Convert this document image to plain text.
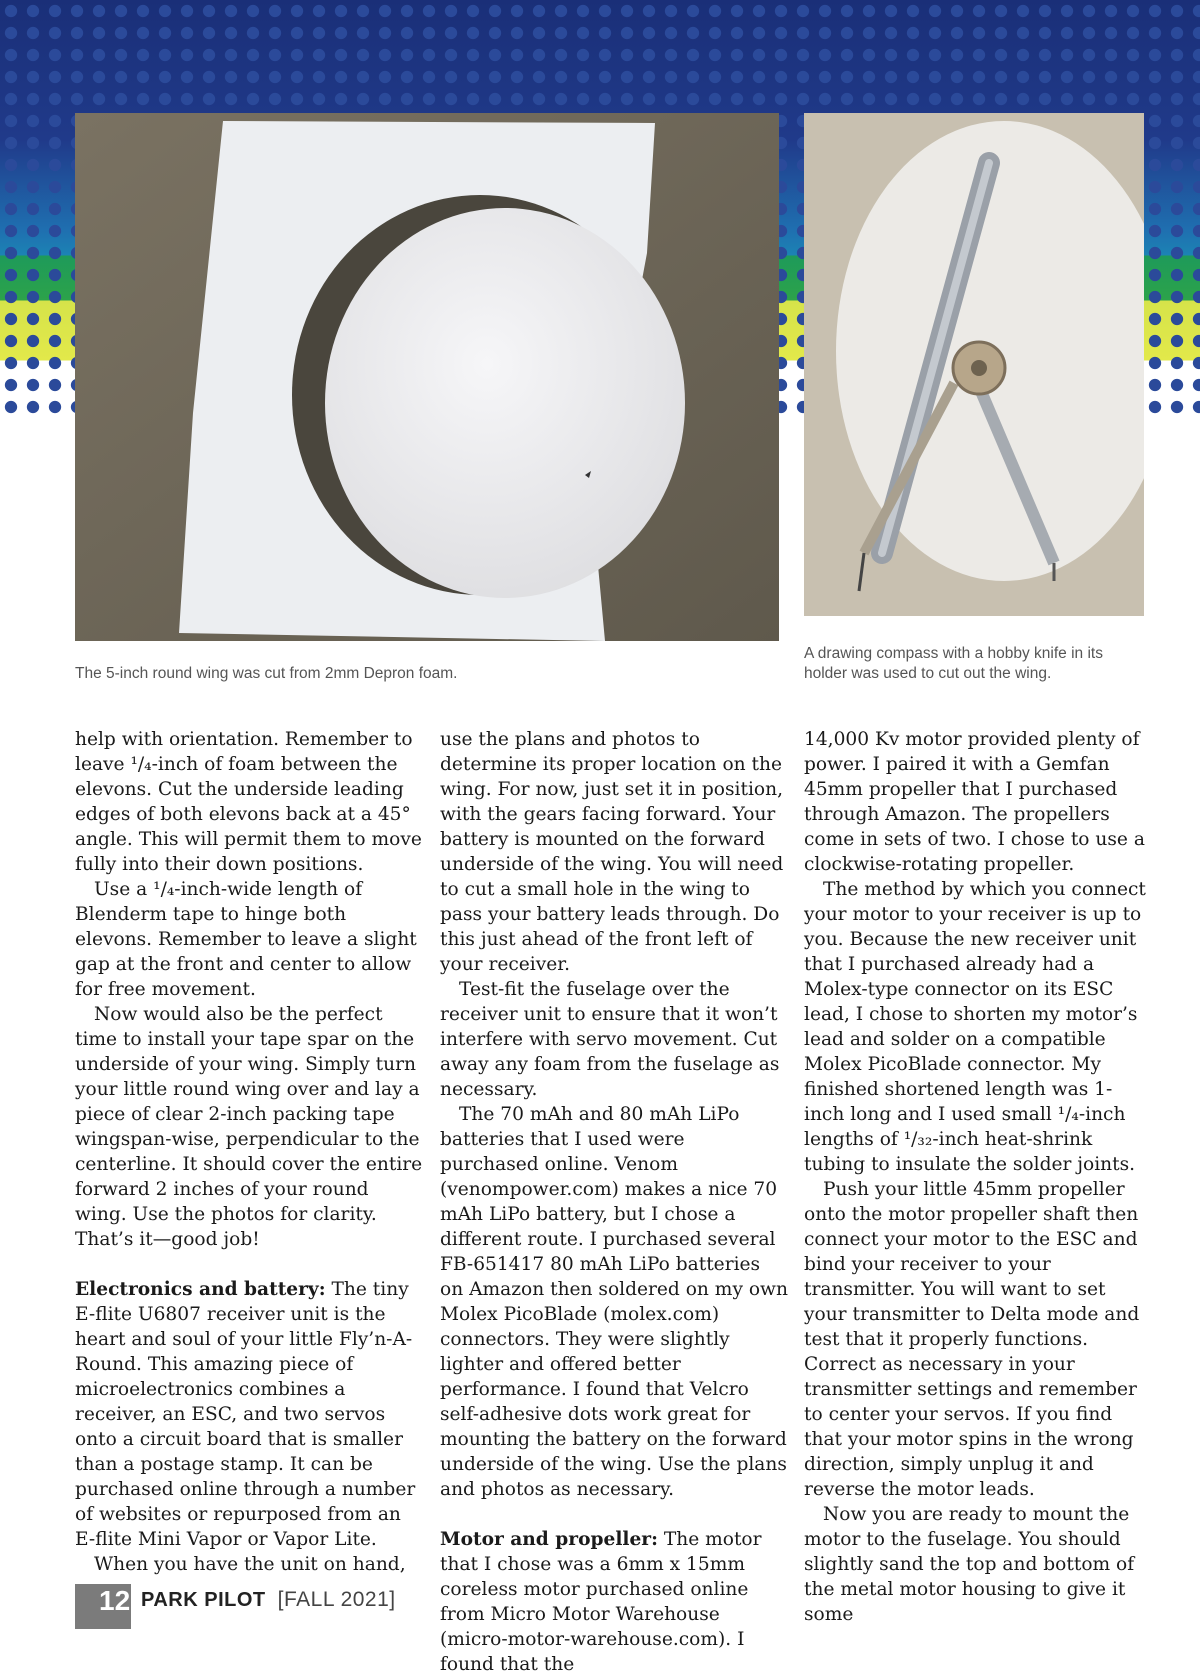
The 5-inch round wing was cut from 2mm Depron foam.
A drawing compass with a hobby knife in its holder was used to cut out the wing.

help with orientation. Remember to leave ¹/₄-inch of foam between the elevons. Cut the underside leading edges of both elevons back at a 45° angle. This will permit them to move fully into their down positions.

Use a ¹/₄-inch-wide length of Blenderm tape to hinge both elevons. Remember to leave a slight gap at the front and center to allow for free movement.

Now would also be the perfect time to install your tape spar on the underside of your wing. Simply turn your little round wing over and lay a piece of clear 2-inch packing tape wingspan-wise, perpendicular to the centerline. It should cover the entire forward 2 inches of your round wing. Use the photos for clarity. That’s it—good job!

Electronics and battery: The tiny E-flite U6807 receiver unit is the heart and soul of your little Fly’n-A-Round. This amazing piece of microelectronics combines a receiver, an ESC, and two servos onto a circuit board that is smaller than a postage stamp. It can be purchased online through a number of websites or repurposed from an E-flite Mini Vapor or Vapor Lite.

When you have the unit on hand,

use the plans and photos to determine its proper location on the wing. For now, just set it in position, with the gears facing forward. Your battery is mounted on the forward underside of the wing. You will need to cut a small hole in the wing to pass your battery leads through. Do this just ahead of the front left of your receiver.

Test-fit the fuselage over the receiver unit to ensure that it won’t interfere with servo movement. Cut away any foam from the fuselage as necessary.

The 70 mAh and 80 mAh LiPo batteries that I used were purchased online. Venom (venompower.com) makes a nice 70 mAh LiPo battery, but I chose a different route. I purchased several FB-651417 80 mAh LiPo batteries on Amazon then soldered on my own Molex PicoBlade (molex.com) connectors. They were slightly lighter and offered better performance. I found that Velcro self-adhesive dots work great for mounting the battery on the forward underside of the wing. Use the plans and photos as necessary.

Motor and propeller: The motor that I chose was a 6mm x 15mm coreless motor purchased online from Micro Motor Warehouse (micro-motor-warehouse.com). I found that the

14,000 Kv motor provided plenty of power. I paired it with a Gemfan 45mm propeller that I purchased through Amazon. The propellers come in sets of two. I chose to use a clockwise-rotating propeller.

The method by which you connect your motor to your receiver is up to you. Because the new receiver unit that I purchased already had a Molex-type connector on its ESC lead, I chose to shorten my motor’s lead and solder on a compatible Molex PicoBlade connector. My finished shortened length was 1-inch long and I used small ¹/₄-inch lengths of ¹/₃₂-inch heat-shrink tubing to insulate the solder joints.

Push your little 45mm propeller onto the motor propeller shaft then connect your motor to the ESC and bind your receiver to your transmitter. You will want to set your transmitter to Delta mode and test that it properly functions. Correct as necessary in your transmitter settings and remember to center your servos. If you find that your motor spins in the wrong direction, simply unplug it and reverse the motor leads.

Now you are ready to mount the motor to the fuselage. You should slightly sand the top and bottom of the metal motor housing to give it some

12 PARK PILOT [FALL 2021]
